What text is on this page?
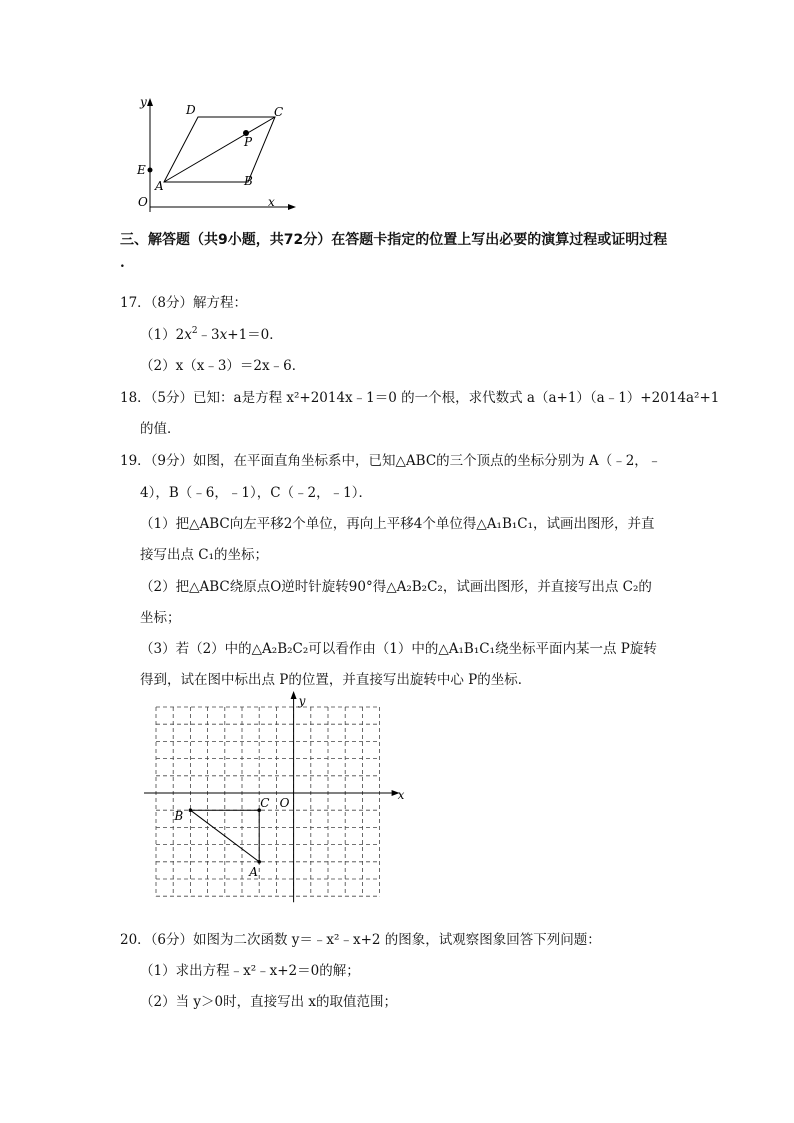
y
x
O
D	C
P
E
A	B
三、解答题（共9小题，共72分）在答题卡指定的位置上写出必要的演算过程或证明过程
.
17．（8分）解方程：
$(1)2x^2﹣3x+1=0$．
（2）x（x﹣3）＝2x﹣6．
18．（5分）已知：a是方程 x²+2014x﹣1＝0 的一个根，求代数式 a（a+1）（a﹣1）+2014a²+1
的值．
19．（9分）如图，在平面直角坐标系中，已知△ABC的三个顶点的坐标分别为 A（﹣2，﹣
4），B（﹣6，﹣1），C（﹣2，﹣1）．
（1）把△ABC向左平移2个单位，再向上平移4个单位得△A₁B₁C₁，试画出图形，并直
接写出点 C₁的坐标；
（2）把△ABC绕原点O逆时针旋转90°得△A₂B₂C₂，试画出图形，并直接写出点 C₂的
坐标；
（3）若（2）中的△A₂B₂C₂可以看作由（1）中的△A₁B₁C₁绕坐标平面内某一点 P旋转
得到，试在图中标出点 P的位置，并直接写出旋转中心 P的坐标．
y
x
O
B
C
A
20．（6分）如图为二次函数 y＝﹣x²﹣x+2 的图象，试观察图象回答下列问题：
（1）求出方程﹣x²﹣x+2＝0的解；
（2）当 y＞0时，直接写出 x的取值范围；
